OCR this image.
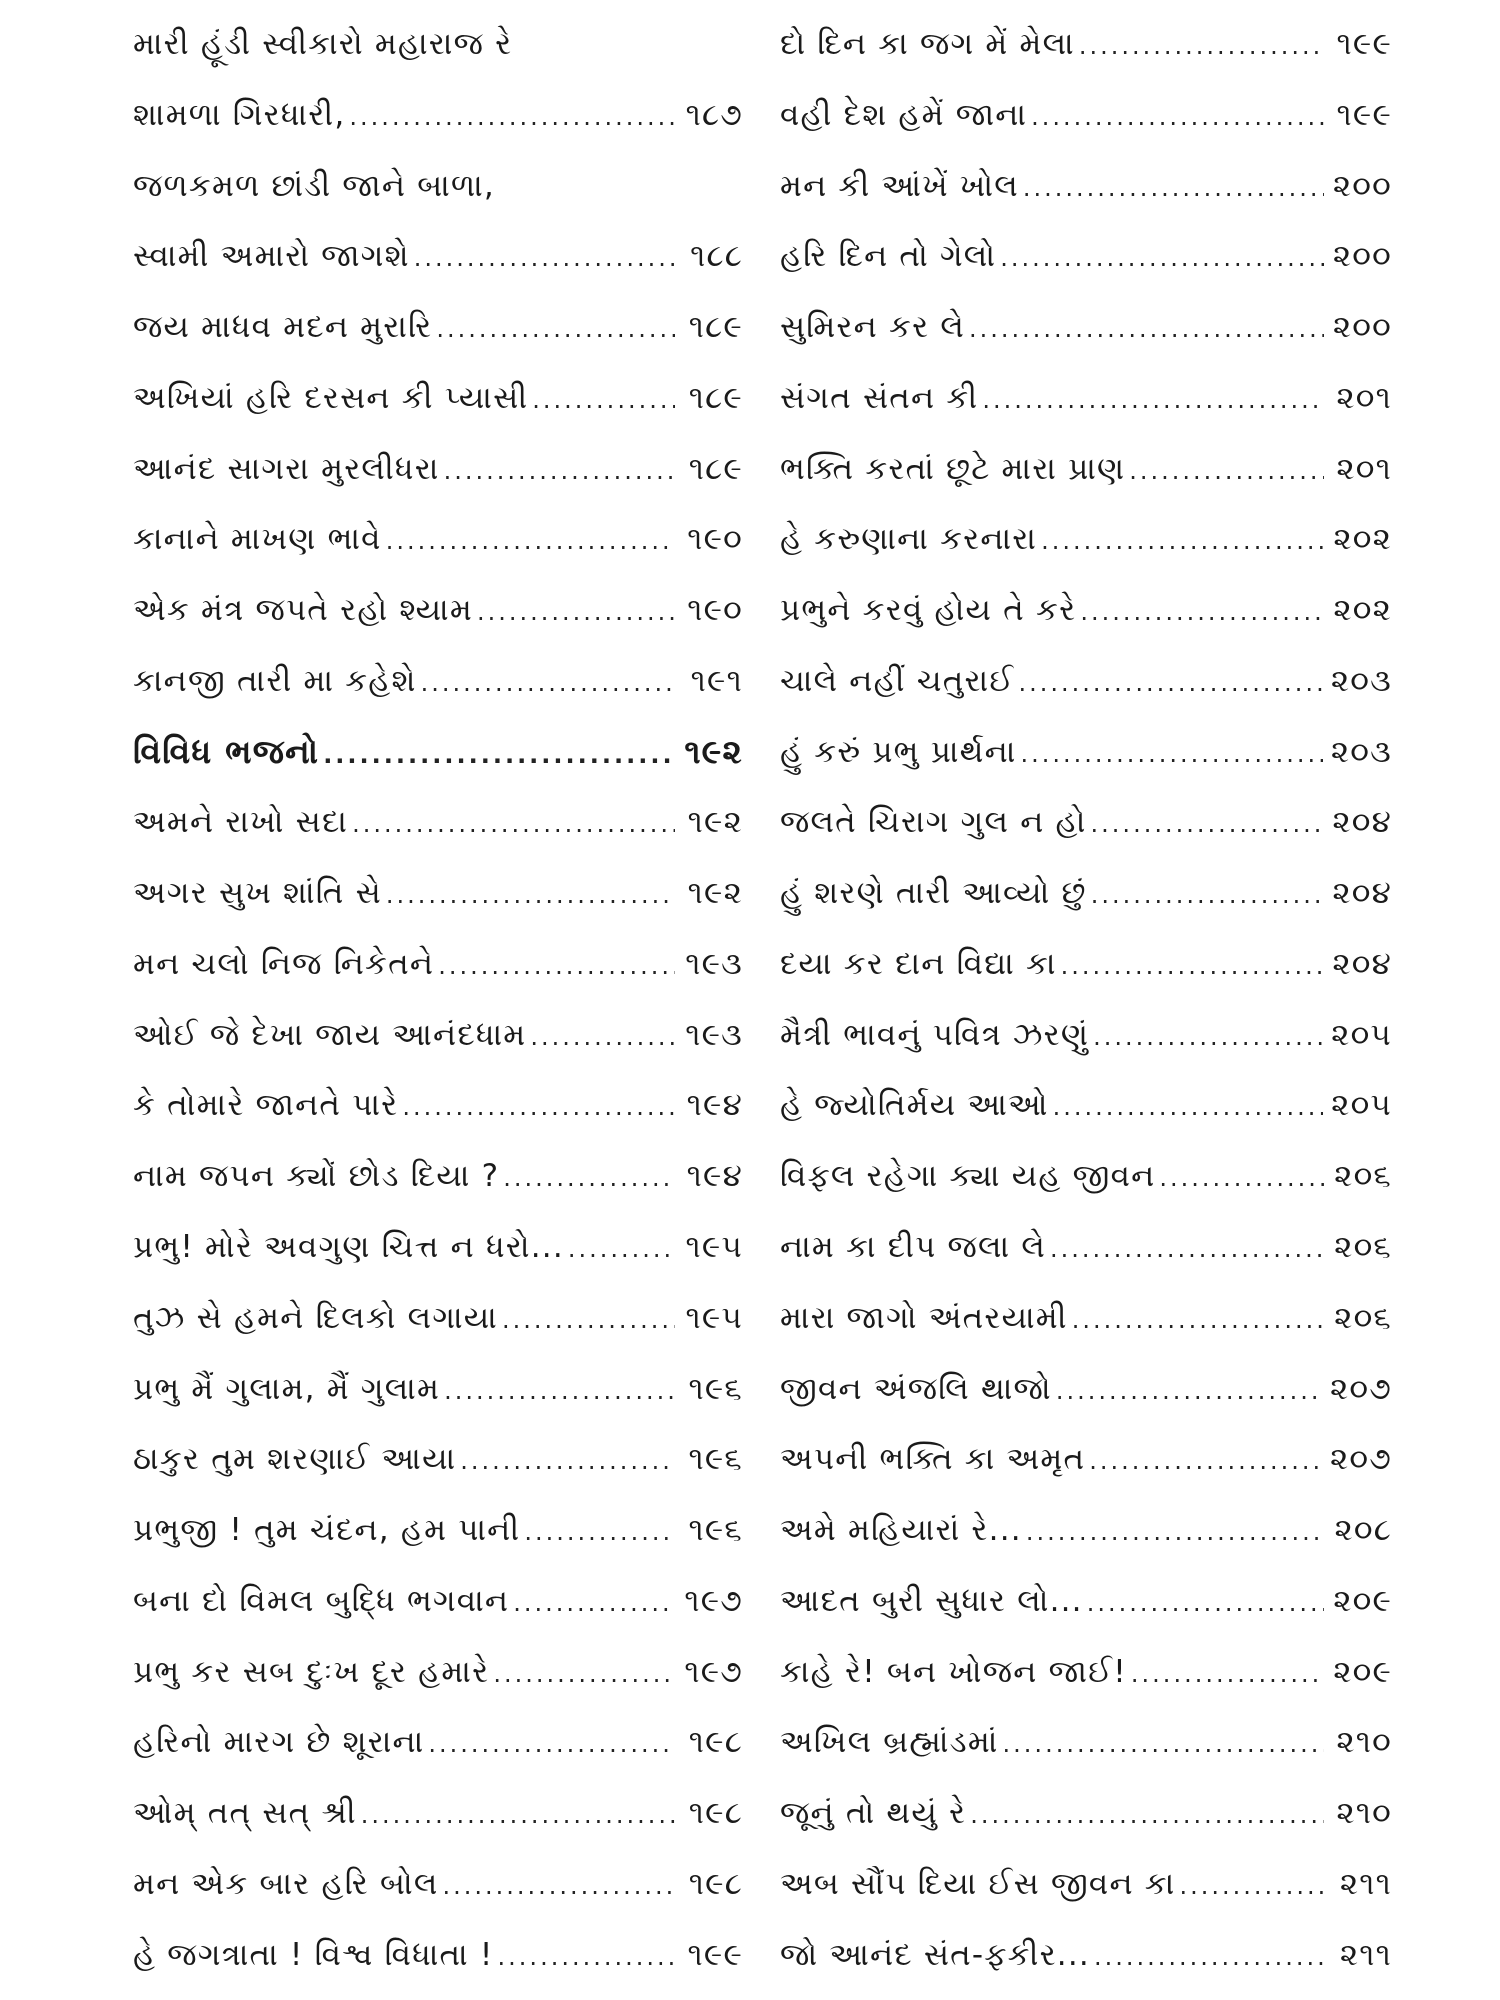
મારી હૂંડી સ્વીકારો મહારાજ રે
શામળા ગિરધારી, .....	૧૮૭
જળકમળ છાંડી જાને બાળા,
સ્વામી અમારો જાગશે .....	૧૮૮
જય માધવ મદન મુરારિ .....	૧૮૯
અખિયાં હરિ દરસન કી પ્યાસી .....	૧૮૯
આનંદ સાગરા મુરલીધરા .....	૧૮૯
કાનાને માખણ ભાવે .....	૧૯૦
એક મંત્ર જપતે રહો શ્યામ .....	૧૯૦
કાનજી તારી મા કહેશે .....	૧૯૧
વિવિધ ભજનો .....	૧૯૨
અમને રાખો સદા .....	૧૯૨
અગર સુખ શાંતિ સે .....	૧૯૨
મન ચલો નિજ નિકેતને .....	૧૯૩
ઓઈ જે દેખા જાય આનંદધામ .....	૧૯૩
કે તોમારે જાનતે પારે .....	૧૯૪
નામ જપન ક્યોં છોડ દિયા ? .....	૧૯૪
પ્રભુ! મોરે અવગુણ ચિત્ત ન ધરો... .....	૧૯૫
તુઝ સે હમને દિલકો લગાયા .....	૧૯૫
પ્રભુ મૈં ગુલામ, મૈં ગુલામ .....	૧૯૬
ઠાકુર તુમ શરણાઈ આયા .....	૧૯૬
પ્રભુજી ! તુમ ચંદન, હમ પાની .....	૧૯૬
બના દો વિમલ બુદ્ધિ ભગવાન .....	૧૯૭
પ્રભુ કર સબ દુઃખ દૂર હમારે .....	૧૯૭
હરિનો મારગ છે શૂરાના .....	૧૯૮
ઓમ્ તત્ સત્ શ્રી .....	૧૯૮
મન એક બાર હરિ બોલ .....	૧૯૮
હે જગત્રાતા ! વિશ્વ વિધાતા ! .....	૧૯૯
દો દિન કા જગ મેં મેલા .....	૧૯૯
વહી દેશ હમેં જાના .....	૧૯૯
મન કી આંખેં ખોલ .....	૨૦૦
હરિ દિન તો ગેલો .....	૨૦૦
સુમિરન કર લે .....	૨૦૦
સંગત સંતન કી .....	૨૦૧
ભક્તિ કરતાં છૂટે મારા પ્રાણ .....	૨૦૧
હે કરુણાના કરનારા .....	૨૦૨
પ્રભુને કરવું હોય તે કરે .....	૨૦૨
ચાલે નહીં ચતુરાઈ .....	૨૦૩
હું કરું પ્રભુ પ્રાર્થના .....	૨૦૩
જલતે ચિરાગ ગુલ ન હો .....	૨૦૪
હું શરણે તારી આવ્યો છું .....	૨૦૪
દયા કર દાન વિદ્યા કા .....	૨૦૪
મૈત્રી ભાવનું પવિત્ર ઝરણું .....	૨૦૫
હે જ્યોતિર્મય આઓ .....	૨૦૫
વિફલ રહેગા ક્યા યહ જીવન .....	૨૦૬
નામ કા દીપ જલા લે .....	૨૦૬
મારા જાગો અંતરયામી .....	૨૦૬
જીવન અંજલિ થાજો .....	૨૦૭
અપની ભક્તિ કા અમૃત .....	૨૦૭
અમે મહિયારાં રે... .....	૨૦૮
આદત બુરી સુધાર લો... .....	૨૦૯
કાહે રે! બન ખોજન જાઈ! .....	૨૦૯
અખિલ બ્રહ્માંડમાં .....	૨૧૦
જૂનું તો થયું રે .....	૨૧૦
અબ સૌંપ દિયા ઈસ જીવન કા .....	૨૧૧
જો આનંદ સંત-ફકીર... .....	૨૧૧
